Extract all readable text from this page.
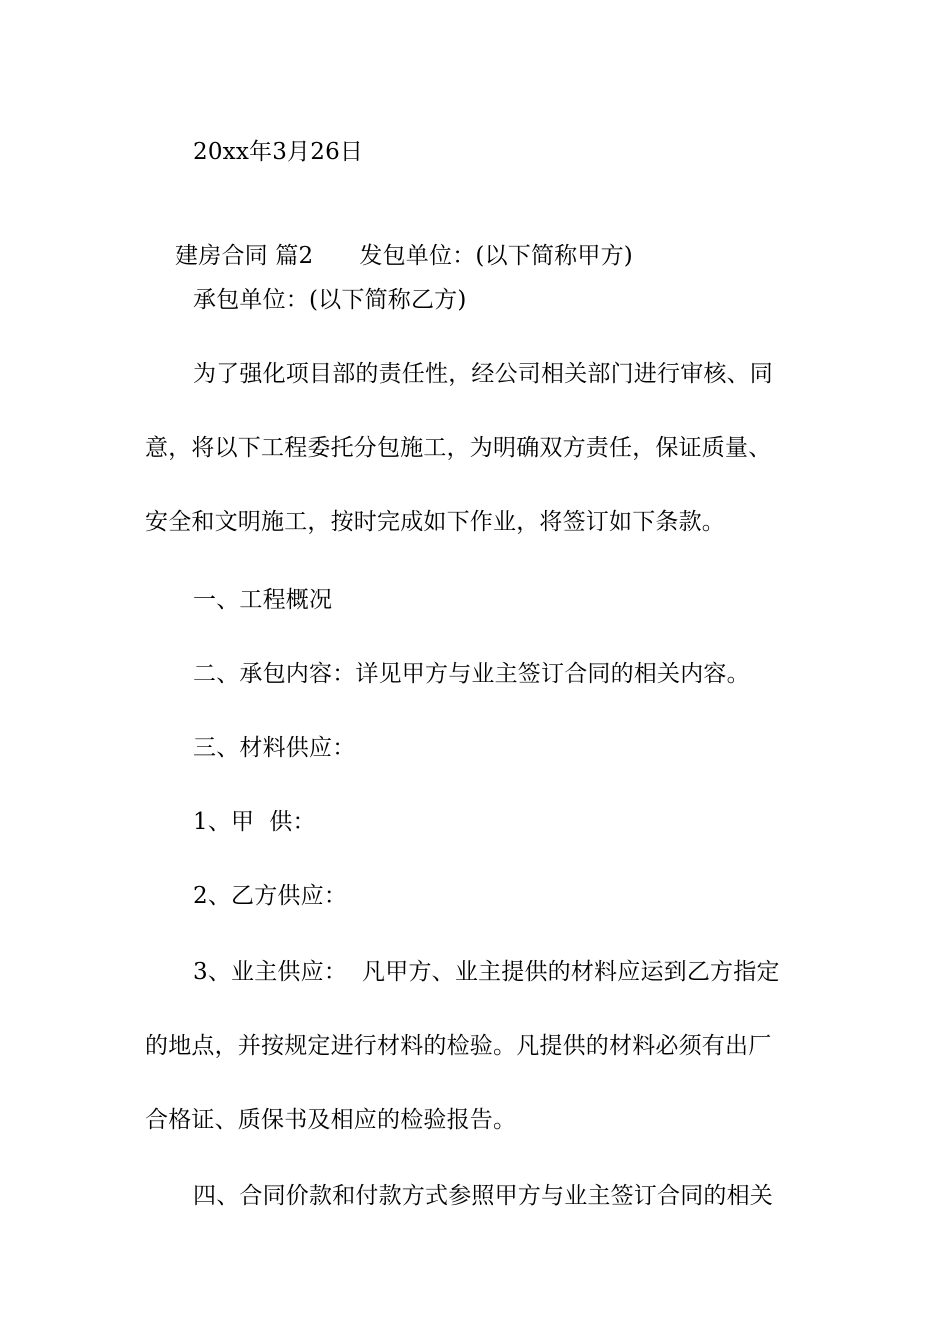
20xx年3月26日

建房合同 篇2 发包单位：(以下简称甲方)

承包单位：(以下简称乙方)
为了强化项目部的责任性，经公司相关部门进行审核、同
意，将以下工程委托分包施工，为明确双方责任，保证质量、
安全和文明施工，按时完成如下作业，将签订如下条款。
一、工程概况
二、承包内容：详见甲方与业主签订合同的相关内容。
三、材料供应：
1、甲  供：
2、乙方供应：
3、业主供应：  凡甲方、业主提供的材料应运到乙方指定
的地点，并按规定进行材料的检验。凡提供的材料必须有出厂
合格证、质保书及相应的检验报告。
四、合同价款和付款方式参照甲方与业主签订合同的相关
